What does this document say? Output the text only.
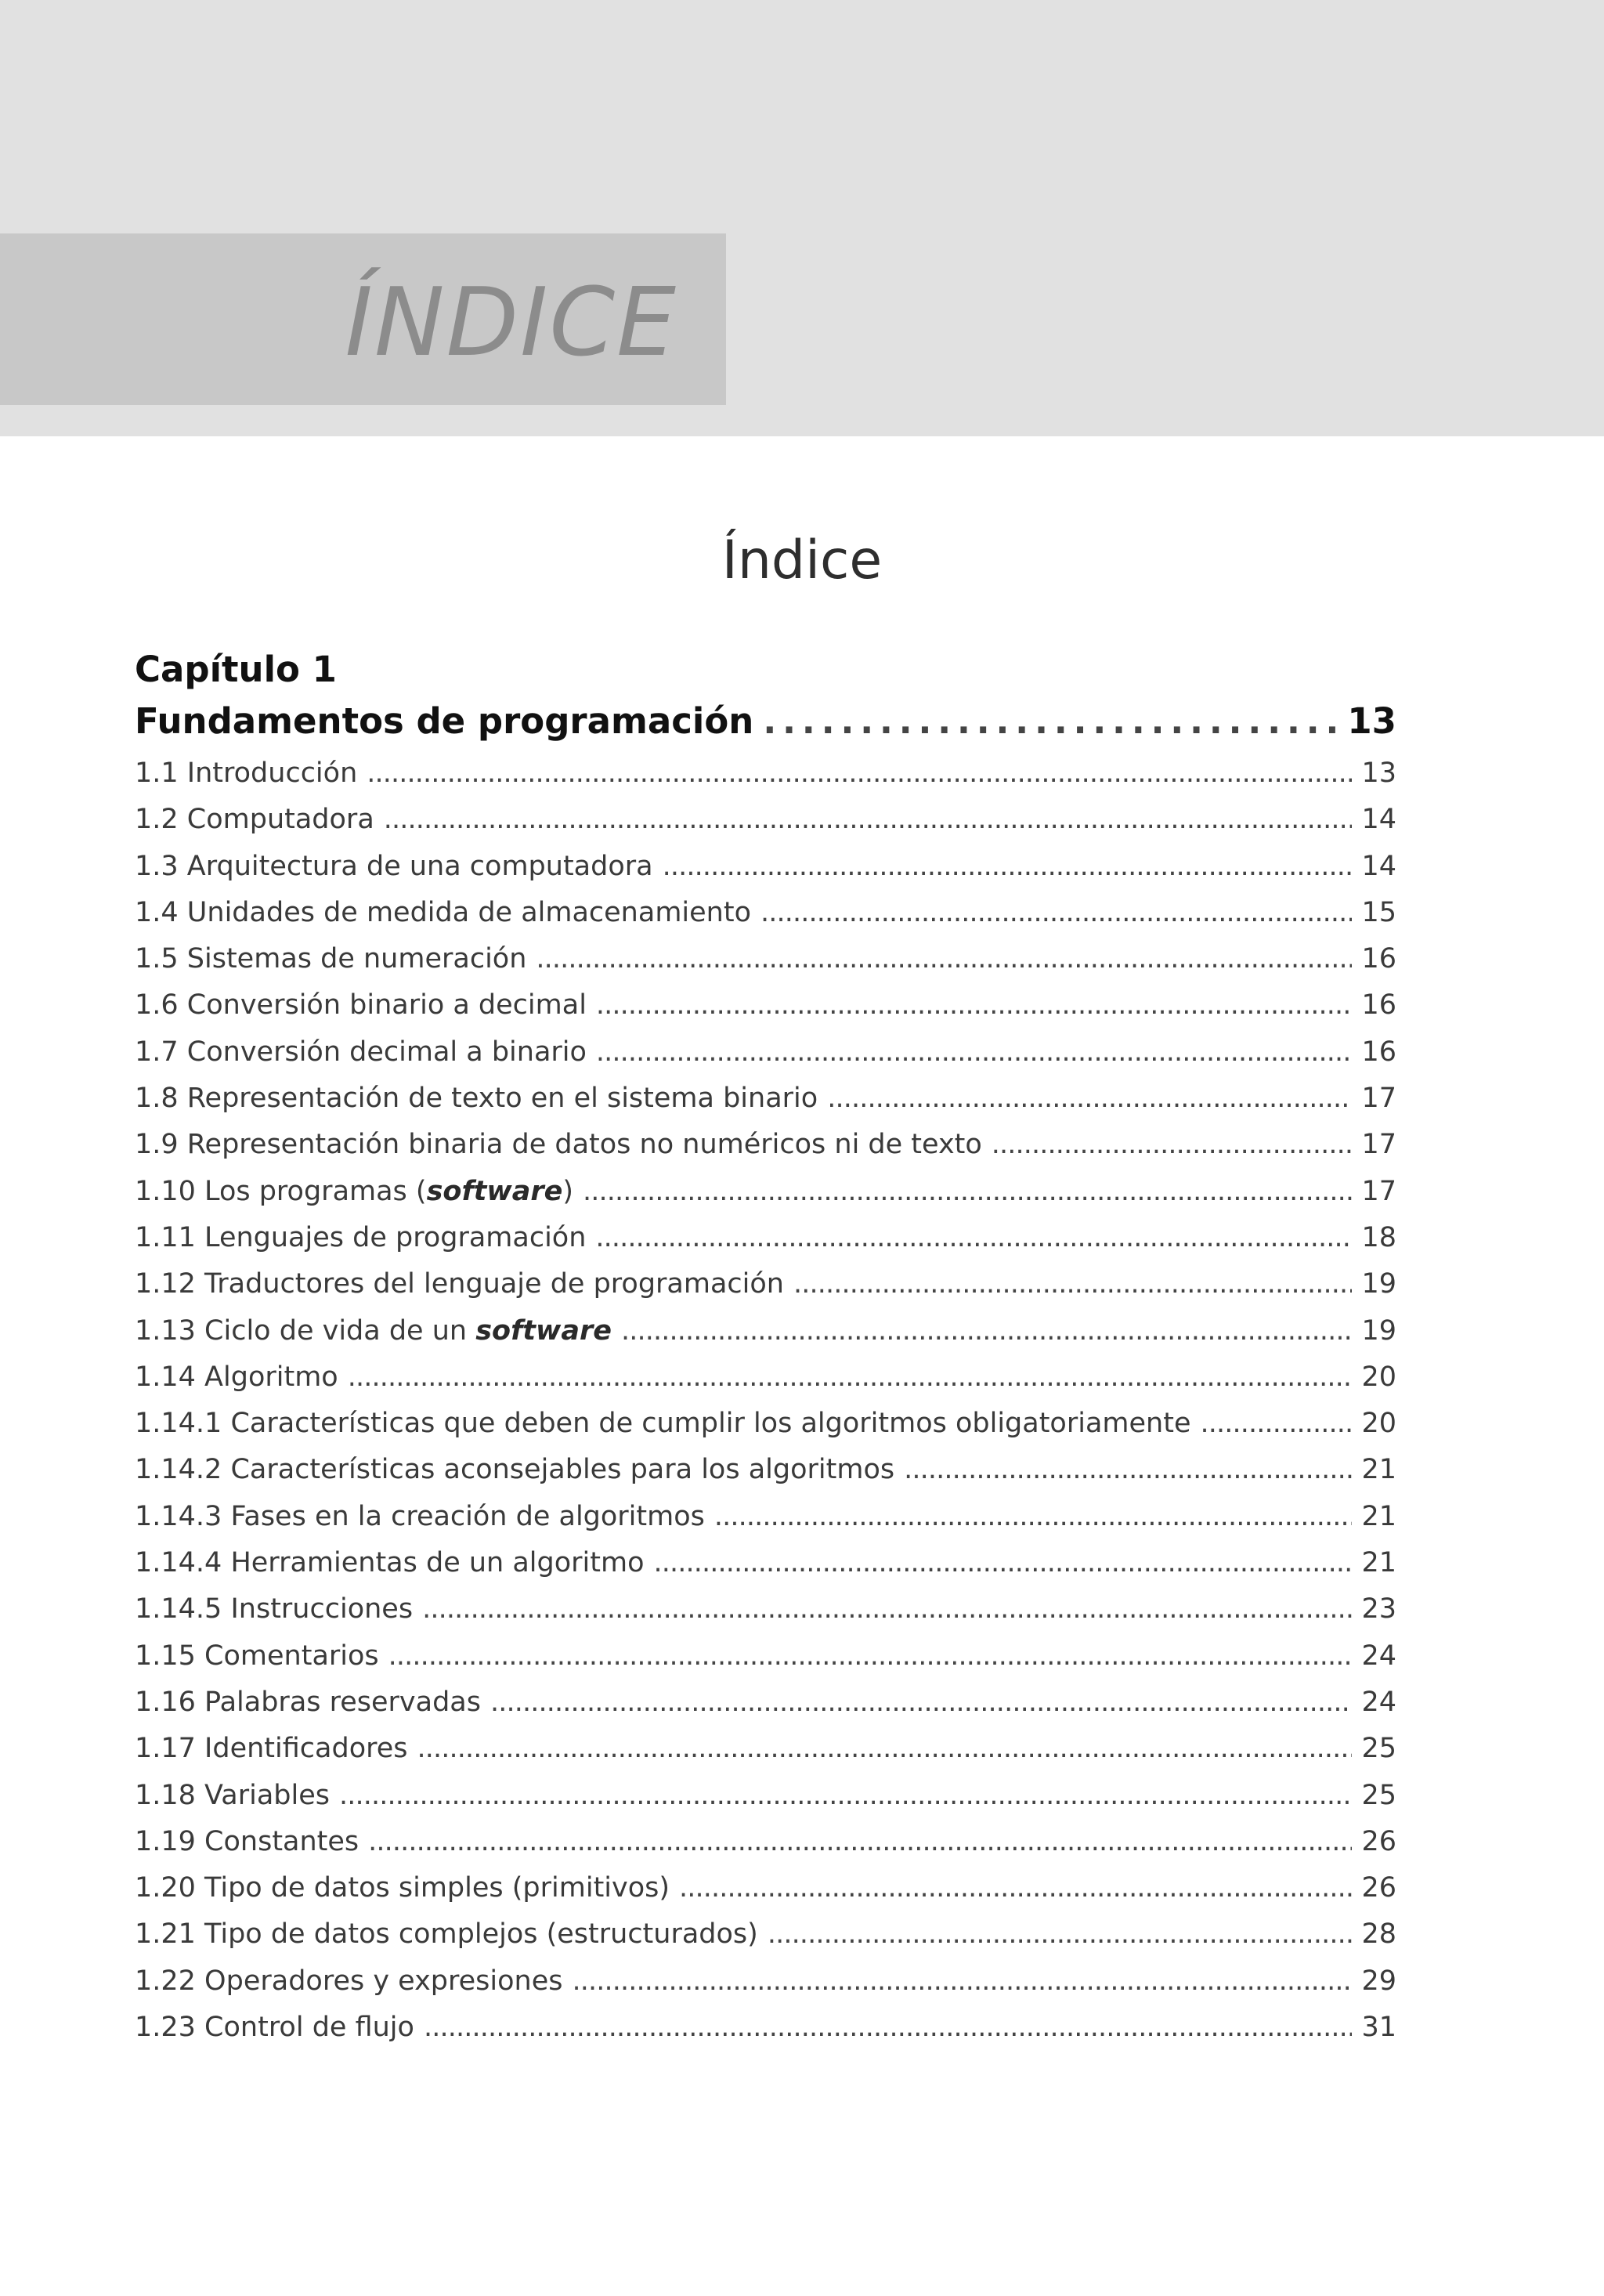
ÍNDICE
Índice
Capítulo 1
Fundamentos de programación . . .	13
1.1 Introducción . . .	13
1.2 Computadora . . .	14
1.3 Arquitectura de una computadora . . .	14
1.4 Unidades de medida de almacenamiento . . .	15
1.5 Sistemas de numeración . . .	16
1.6 Conversión binario a decimal . . .	16
1.7 Conversión decimal a binario . . .	16
1.8 Representación de texto en el sistema binario . . .	17
1.9 Representación binaria de datos no numéricos ni de texto . . .	17
1.10 Los programas (software) . . .	17
1.11 Lenguajes de programación . . .	18
1.12 Traductores del lenguaje de programación . . .	19
1.13 Ciclo de vida de un software . . .	19
1.14 Algoritmo . . .	20
1.14.1 Características que deben de cumplir los algoritmos obligatoriamente . . .	20
1.14.2 Características aconsejables para los algoritmos . . .	21
1.14.3 Fases en la creación de algoritmos . . .	21
1.14.4 Herramientas de un algoritmo . . .	21
1.14.5 Instrucciones . . .	23
1.15 Comentarios . . .	24
1.16 Palabras reservadas . . .	24
1.17 Identificadores . . .	25
1.18 Variables . . .	25
1.19 Constantes . . .	26
1.20 Tipo de datos simples (primitivos) . . .	26
1.21 Tipo de datos complejos (estructurados) . . .	28
1.22 Operadores y expresiones . . .	29
1.23 Control de flujo . . .	31
